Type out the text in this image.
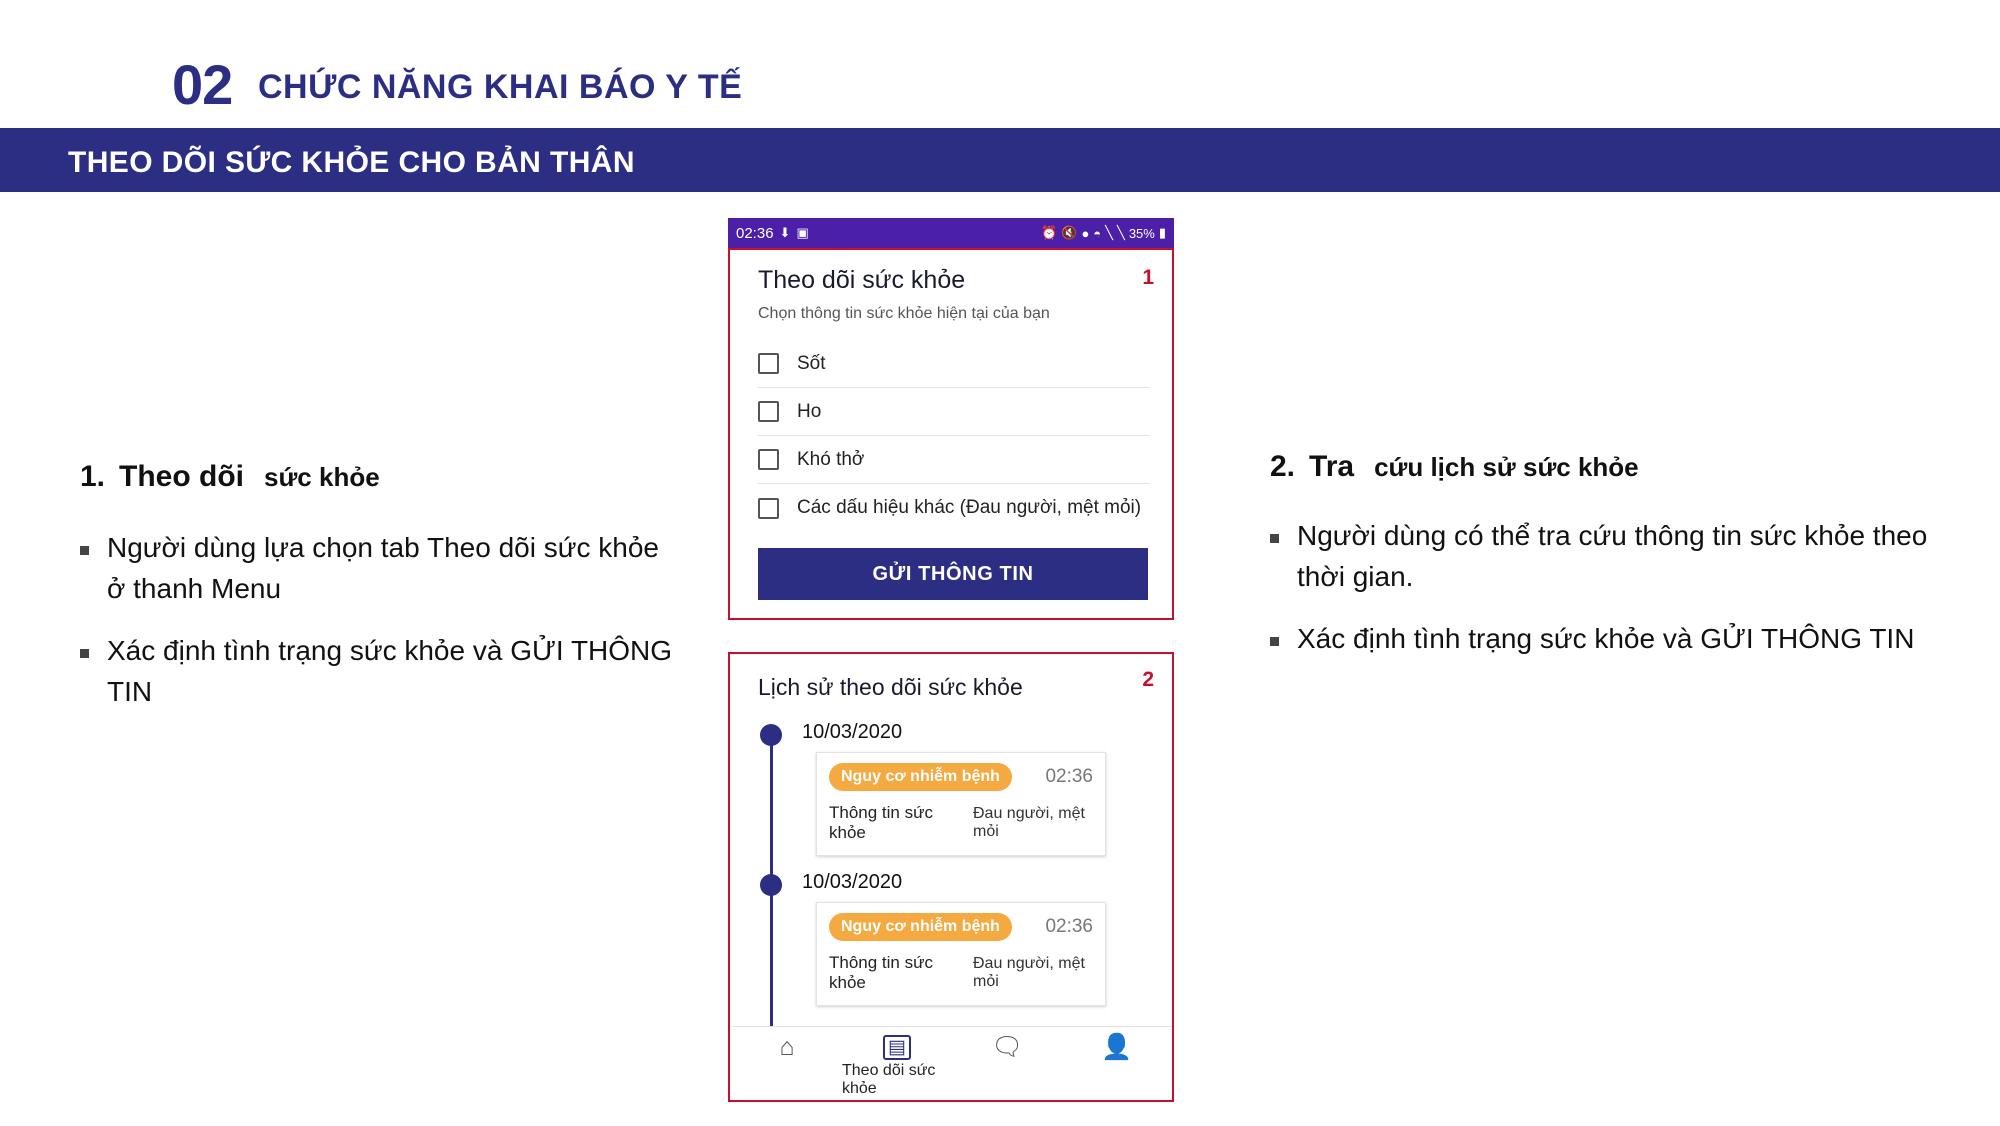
02 CHỨC NĂNG KHAI BÁO Y TẾ
THEO DÕI SỨC KHỎE CHO BẢN THÂN
1. Theo dõi sức khỏe
Người dùng lựa chọn tab Theo dõi sức khỏe ở thanh Menu
Xác định tình trạng sức khỏe và GỬI THÔNG TIN
2. Tra cứu lịch sử sức khỏe
Người dùng có thể tra cứu thông tin sức khỏe theo thời gian.
Xác định tình trạng sức khỏe và GỬI THÔNG TIN
02:36 ⬇ ▣	⏰ 🔇 ● ◓ ╲ ╲ 35% ▮
1
Theo dõi sức khỏe
Chọn thông tin sức khỏe hiện tại của bạn
Sốt
Ho
Khó thở
Các dấu hiệu khác (Đau người, mệt mỏi)
GỬI THÔNG TIN
2
Lịch sử theo dõi sức khỏe
10/03/2020
Nguy cơ nhiễm bệnh	02:36
Thông tin sức khỏe
Đau người, mệt mỏi
10/03/2020
Nguy cơ nhiễm bệnh	02:36
Thông tin sức khỏe
Đau người, mệt mỏi
⌂	▤
Theo dõi sức khỏe
🗨	👤
